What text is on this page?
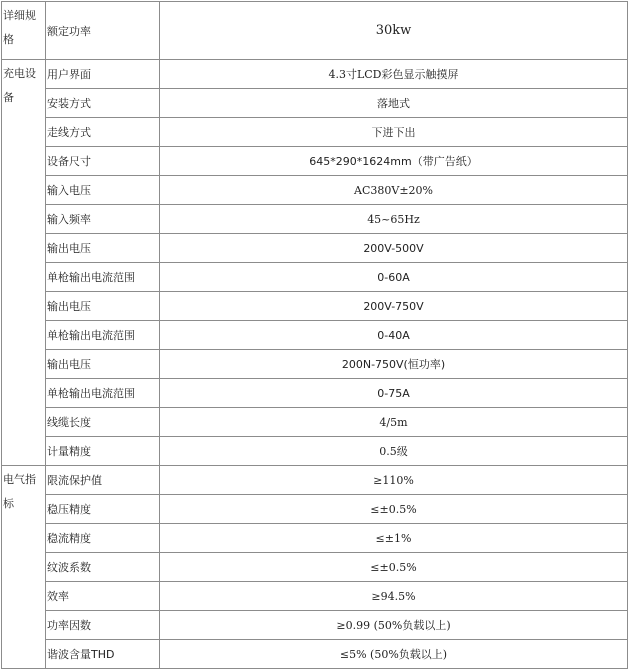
详细规格	额定功率	30kw
充电设备	用户界面	4.3寸LCD彩色显示触摸屏
	安装方式	落地式
	走线方式	下进下出
	设备尺寸	645*290*1624mm（带广告纸）
	输入电压	AC380V±20%
	输入频率	45~65Hz
	输出电压	200V-500V
	单枪输出电流范围	0-60A
	输出电压	200V-750V
	单枪输出电流范围	0-40A
	输出电压	200N-750V(恒功率)
	单枪输出电流范围	0-75A
	线缆长度	4/5m
	计量精度	0.5级
电气指标	限流保护值	≥110%
	稳压精度	≤±0.5%
	稳流精度	≤±1%
	纹波系数	≤±0.5%
	效率	≥94.5%
	功率因数	≥0.99 (50%负载以上)
	谐波含量THD	≤5% (50%负载以上)
